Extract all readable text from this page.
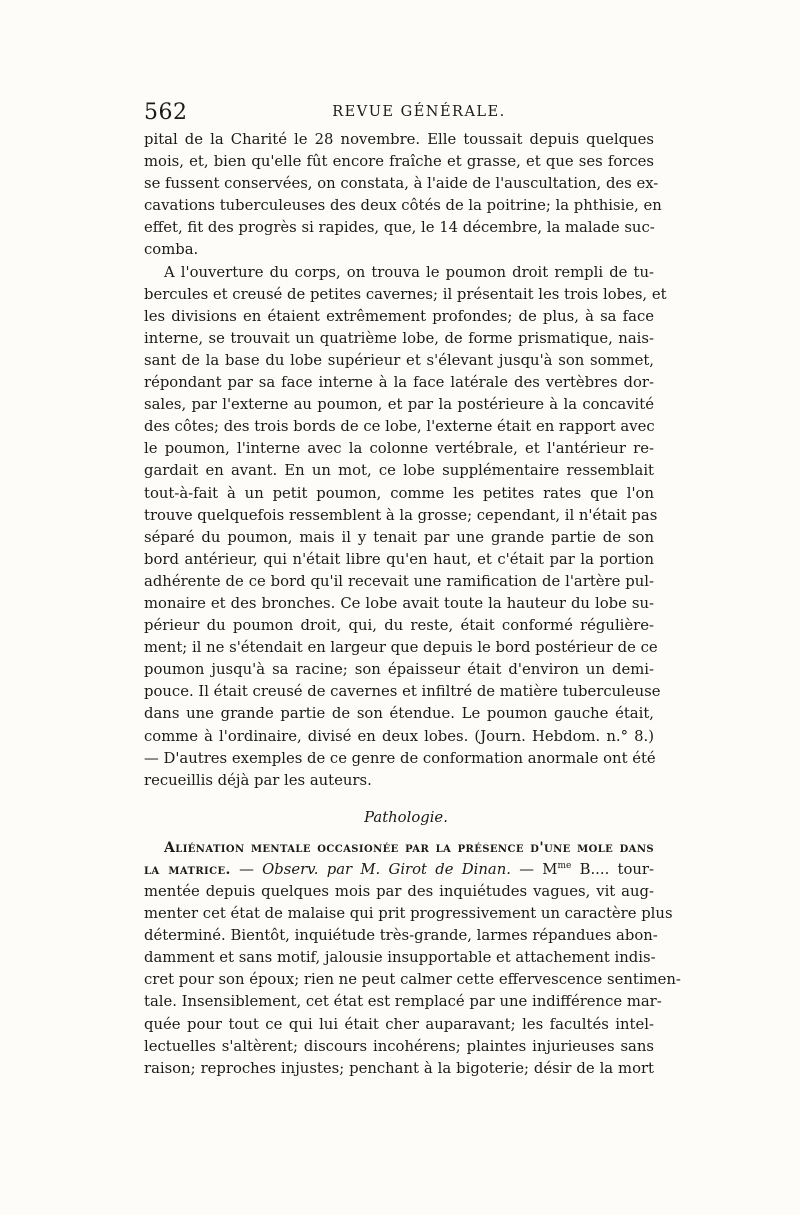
562	REVUE GÉNÉRALE.
pital de la Charité le 28 novembre. Elle toussait depuis quelques
mois, et, bien qu'elle fût encore fraîche et grasse, et que ses forces
se fussent conservées, on constata, à l'aide de l'auscultation, des ex-
cavations tuberculeuses des deux côtés de la poitrine; la phthisie, en
effet, fit des progrès si rapides, que, le 14 décembre, la malade suc-
comba.
A l'ouverture du corps, on trouva le poumon droit rempli de tu-
bercules et creusé de petites cavernes; il présentait les trois lobes, et
les divisions en étaient extrêmement profondes; de plus, à sa face
interne, se trouvait un quatrième lobe, de forme prismatique, nais-
sant de la base du lobe supérieur et s'élevant jusqu'à son sommet,
répondant par sa face interne à la face latérale des vertèbres dor-
sales, par l'externe au poumon, et par la postérieure à la concavité
des côtes; des trois bords de ce lobe, l'externe était en rapport avec
le poumon, l'interne avec la colonne vertébrale, et l'antérieur re-
gardait en avant. En un mot, ce lobe supplémentaire ressemblait
tout-à-fait à un petit poumon, comme les petites rates que l'on
trouve quelquefois ressemblent à la grosse; cependant, il n'était pas
séparé du poumon, mais il y tenait par une grande partie de son
bord antérieur, qui n'était libre qu'en haut, et c'était par la portion
adhérente de ce bord qu'il recevait une ramification de l'artère pul-
monaire et des bronches. Ce lobe avait toute la hauteur du lobe su-
périeur du poumon droit, qui, du reste, était conformé régulière-
ment; il ne s'étendait en largeur que depuis le bord postérieur de ce
poumon jusqu'à sa racine; son épaisseur était d'environ un demi-
pouce. Il était creusé de cavernes et infiltré de matière tuberculeuse
dans une grande partie de son étendue. Le poumon gauche était,
comme à l'ordinaire, divisé en deux lobes. (Journ. Hebdom. n.° 8.)
— D'autres exemples de ce genre de conformation anormale ont été
recueillis déjà par les auteurs.
Pathologie.
Aliénation mentale occasionée par la présence d'une mole dans
la matrice. — Observ. par M. Girot de Dinan. — $M^{me}$ B.... tour-
mentée depuis quelques mois par des inquiétudes vagues, vit aug-
menter cet état de malaise qui prit progressivement un caractère plus
déterminé. Bientôt, inquiétude très-grande, larmes répandues abon-
damment et sans motif, jalousie insupportable et attachement indis-
cret pour son époux; rien ne peut calmer cette effervescence sentimen-
tale. Insensiblement, cet état est remplacé par une indifférence mar-
quée pour tout ce qui lui était cher auparavant; les facultés intel-
lectuelles s'altèrent; discours incohérens; plaintes injurieuses sans
raison; reproches injustes; penchant à la bigoterie; désir de la mort
